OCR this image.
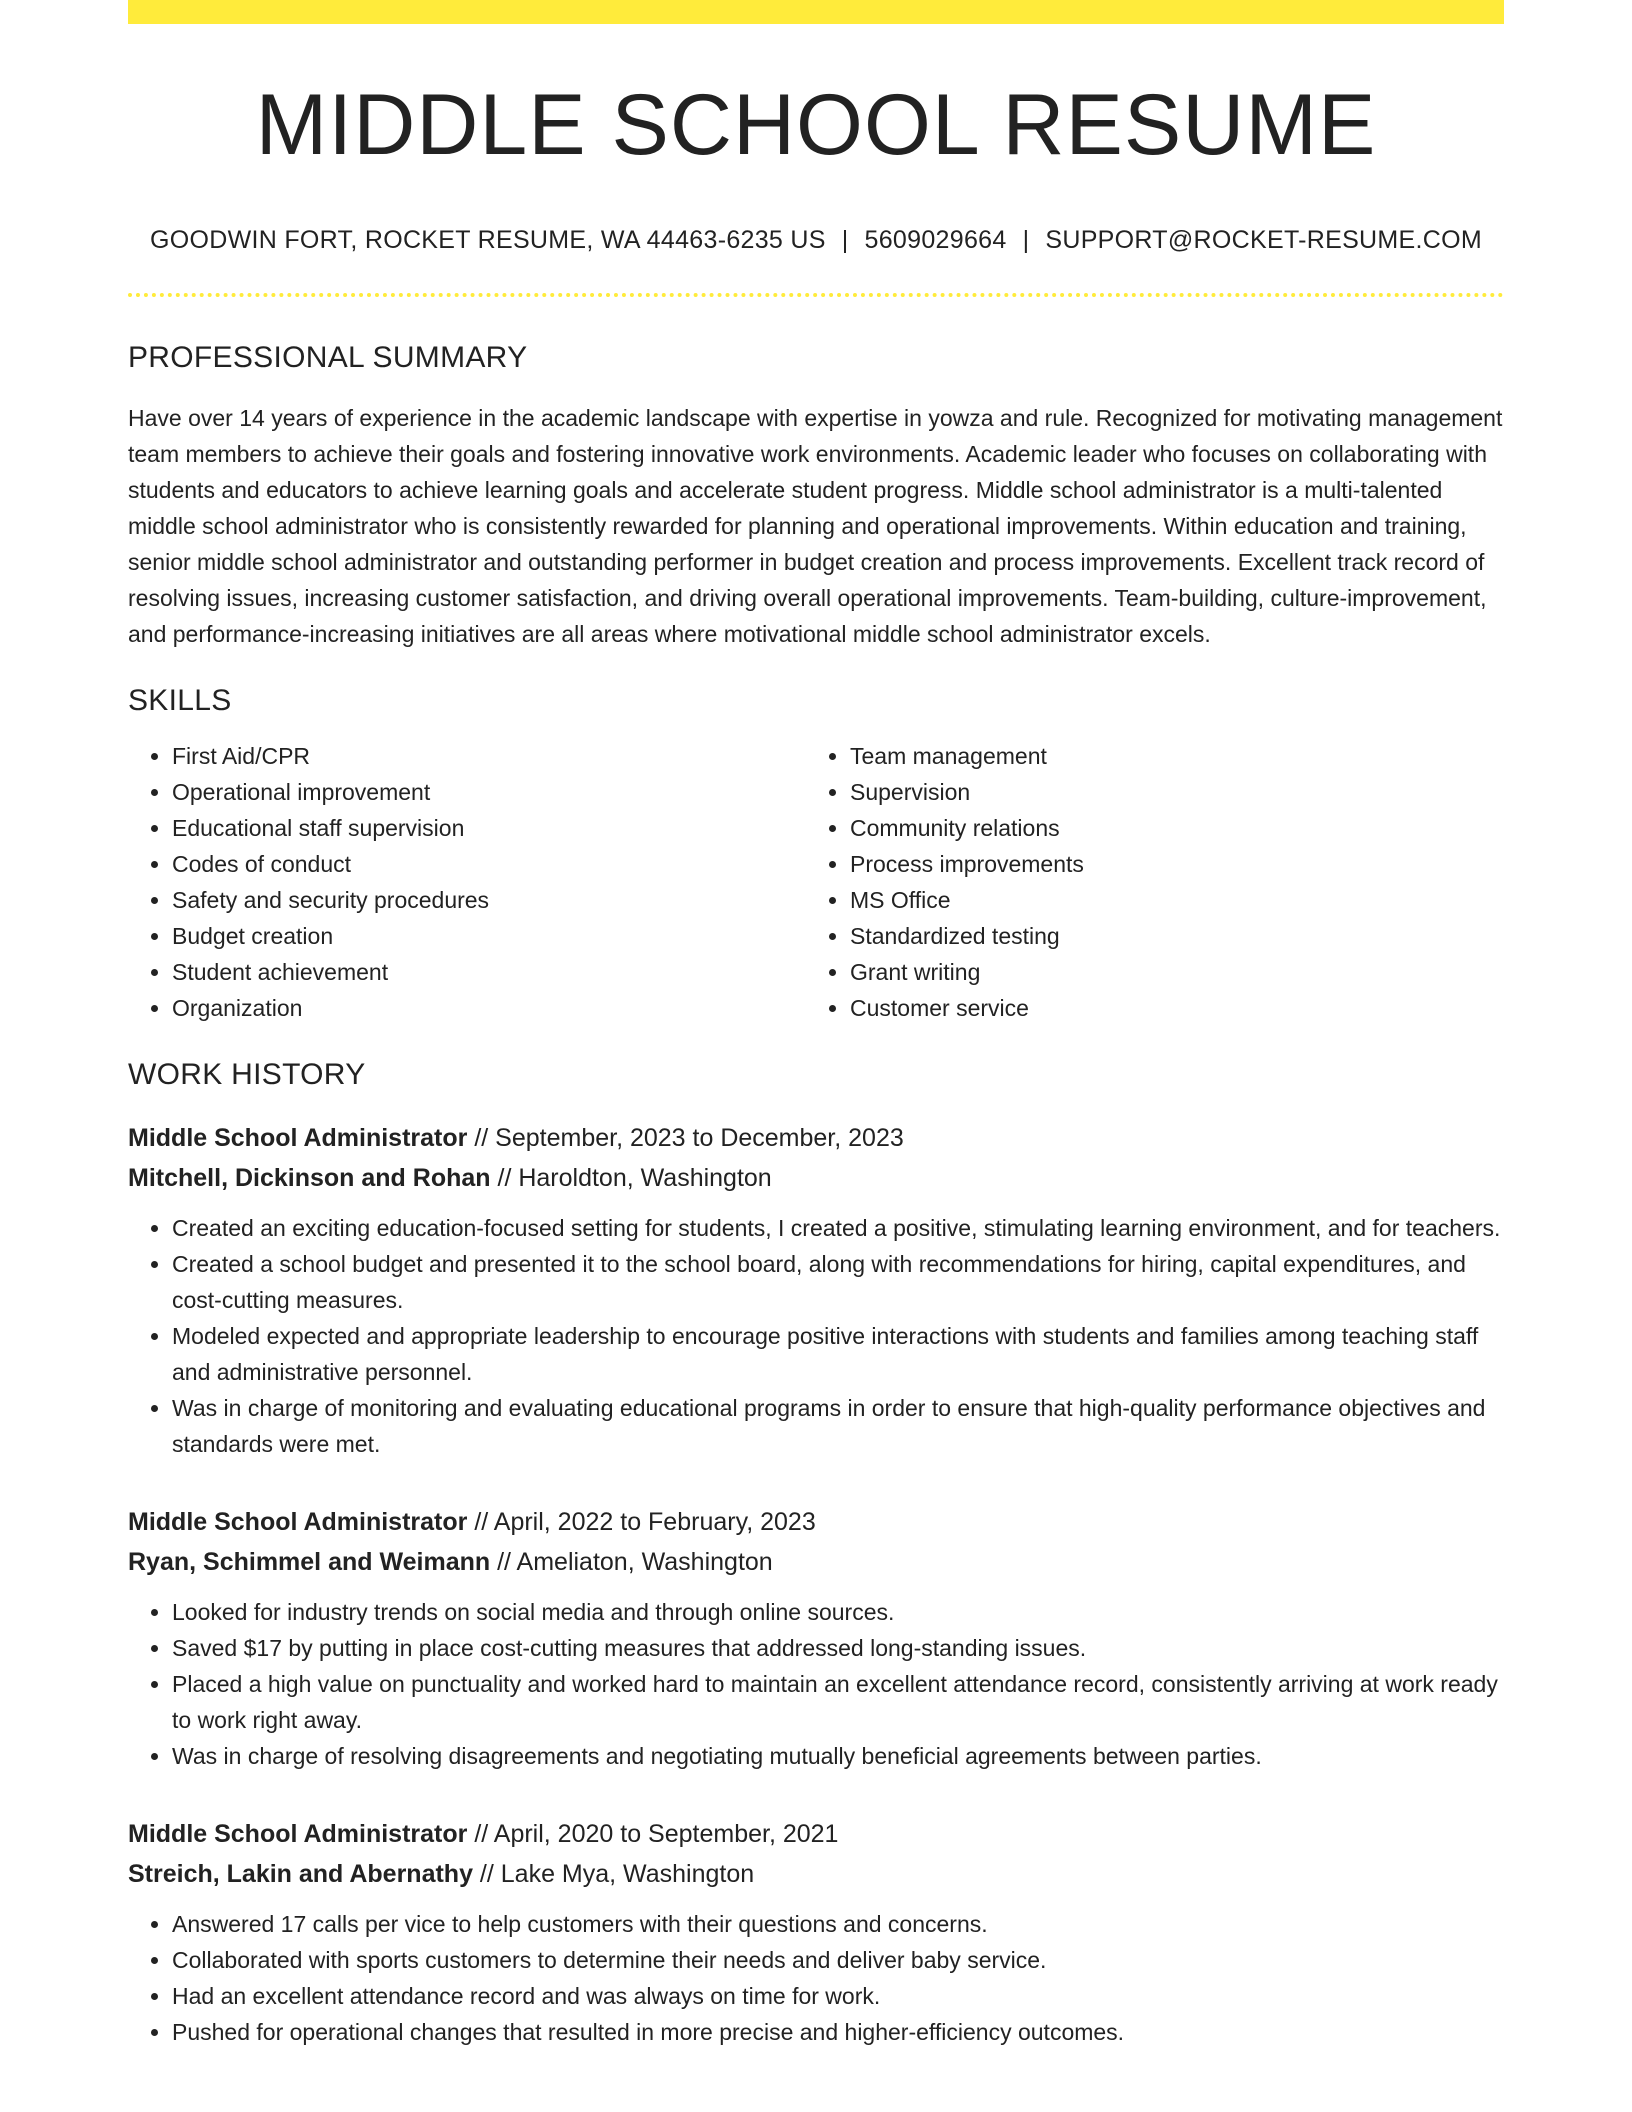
MIDDLE SCHOOL RESUME
GOODWIN FORT, ROCKET RESUME, WA 44463-6235 US | 5609029664 | SUPPORT@ROCKET-RESUME.COM
PROFESSIONAL SUMMARY
Have over 14 years of experience in the academic landscape with expertise in yowza and rule. Recognized for motivating management team members to achieve their goals and fostering innovative work environments. Academic leader who focuses on collaborating with students and educators to achieve learning goals and accelerate student progress. Middle school administrator is a multi-talented middle school administrator who is consistently rewarded for planning and operational improvements. Within education and training, senior middle school administrator and outstanding performer in budget creation and process improvements. Excellent track record of resolving issues, increasing customer satisfaction, and driving overall operational improvements. Team-building, culture-improvement, and performance-increasing initiatives are all areas where motivational middle school administrator excels.
SKILLS
• First Aid/CPR
• Operational improvement
• Educational staff supervision
• Codes of conduct
• Safety and security procedures
• Budget creation
• Student achievement
• Organization
• Team management
• Supervision
• Community relations
• Process improvements
• MS Office
• Standardized testing
• Grant writing
• Customer service
WORK HISTORY
Middle School Administrator // September, 2023 to December, 2023
Mitchell, Dickinson and Rohan // Haroldton, Washington
• Created an exciting education-focused setting for students, I created a positive, stimulating learning environment, and for teachers.
• Created a school budget and presented it to the school board, along with recommendations for hiring, capital expenditures, and cost-cutting measures.
• Modeled expected and appropriate leadership to encourage positive interactions with students and families among teaching staff and administrative personnel.
• Was in charge of monitoring and evaluating educational programs in order to ensure that high-quality performance objectives and standards were met.
Middle School Administrator // April, 2022 to February, 2023
Ryan, Schimmel and Weimann // Ameliaton, Washington
• Looked for industry trends on social media and through online sources.
• Saved $17 by putting in place cost-cutting measures that addressed long-standing issues.
• Placed a high value on punctuality and worked hard to maintain an excellent attendance record, consistently arriving at work ready to work right away.
• Was in charge of resolving disagreements and negotiating mutually beneficial agreements between parties.
Middle School Administrator // April, 2020 to September, 2021
Streich, Lakin and Abernathy // Lake Mya, Washington
• Answered 17 calls per vice to help customers with their questions and concerns.
• Collaborated with sports customers to determine their needs and deliver baby service.
• Had an excellent attendance record and was always on time for work.
• Pushed for operational changes that resulted in more precise and higher-efficiency outcomes.
